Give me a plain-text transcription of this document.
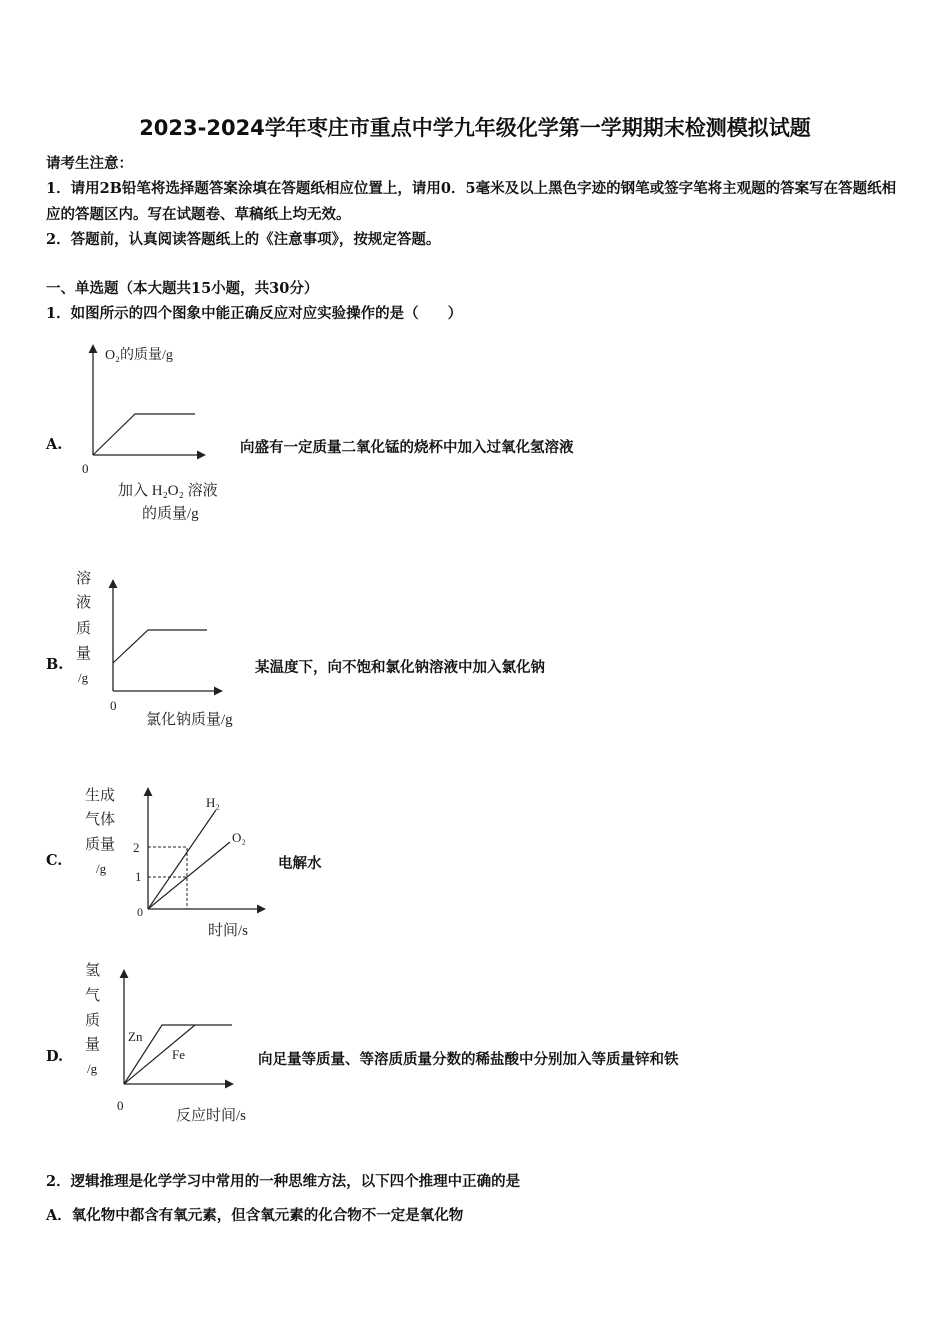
2023-2024学年枣庄市重点中学九年级化学第一学期期末检测模拟试题
请考生注意：
1．请用2B铅笔将选择题答案涂填在答题纸相应位置上，请用0．5毫米及以上黑色字迹的钢笔或签字笔将主观题的答案写在答题纸相应的答题区内。写在试题卷、草稿纸上均无效。
2．答题前，认真阅读答题纸上的《注意事项》，按规定答题。
一、单选题（本大题共15小题，共30分）
1．如图所示的四个图象中能正确反应对应实验操作的是（　　）
A.	向盛有一定质量二氧化锰的烧杯中加入过氧化氢溶液
O₂的质量/g
0
加入 H₂O₂ 溶液
的质量/g
B.	某温度下，向不饱和氯化钠溶液中加入氯化钠
溶
液
质
量
/g
0
氯化钠质量/g
C.	电解水
生成
气体
质量
/g
2
1
0
H₂
O₂
时间/s
D.	向足量等质量、等溶质质量分数的稀盐酸中分别加入等质量锌和铁
氢
气
质
量
/g
Zn
Fe
0
反应时间/s
2．逻辑推理是化学学习中常用的一种思维方法，以下四个推理中正确的是
A．氧化物中都含有氧元素，但含氧元素的化合物不一定是氧化物
